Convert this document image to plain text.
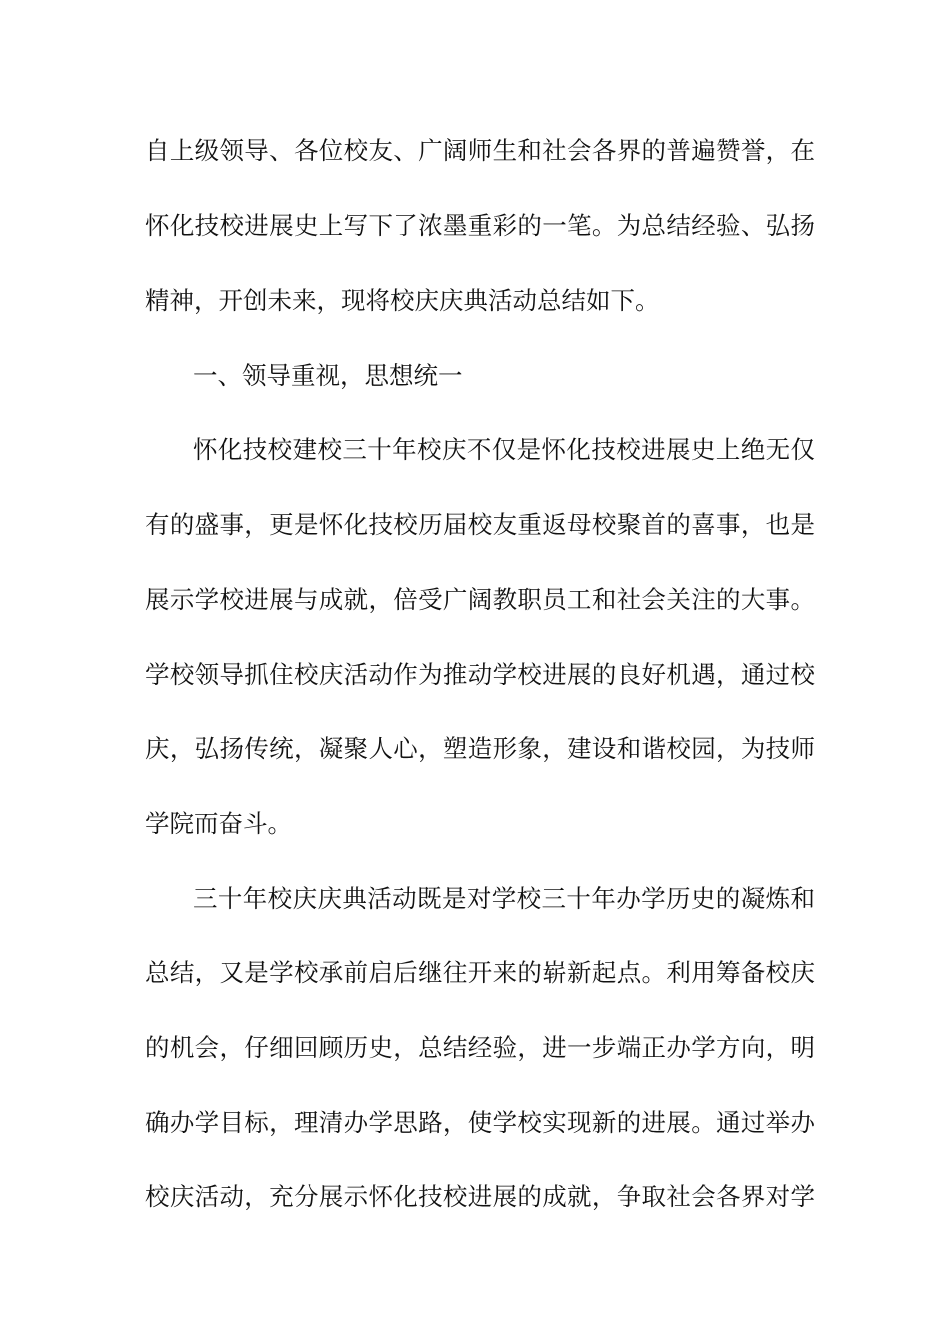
自上级领导、各位校友、广阔师生和社会各界的普遍赞誉，在
怀化技校进展史上写下了浓墨重彩的一笔。为总结经验、弘扬
精神，开创未来，现将校庆庆典活动总结如下。
一、领导重视，思想统一
怀化技校建校三十年校庆不仅是怀化技校进展史上绝无仅
有的盛事，更是怀化技校历届校友重返母校聚首的喜事，也是
展示学校进展与成就，倍受广阔教职员工和社会关注的大事。
学校领导抓住校庆活动作为推动学校进展的良好机遇，通过校
庆，弘扬传统，凝聚人心，塑造形象，建设和谐校园，为技师
学院而奋斗。
三十年校庆庆典活动既是对学校三十年办学历史的凝炼和
总结，又是学校承前启后继往开来的崭新起点。利用筹备校庆
的机会，仔细回顾历史，总结经验，进一步端正办学方向，明
确办学目标，理清办学思路，使学校实现新的进展。通过举办
校庆活动，充分展示怀化技校进展的成就，争取社会各界对学
